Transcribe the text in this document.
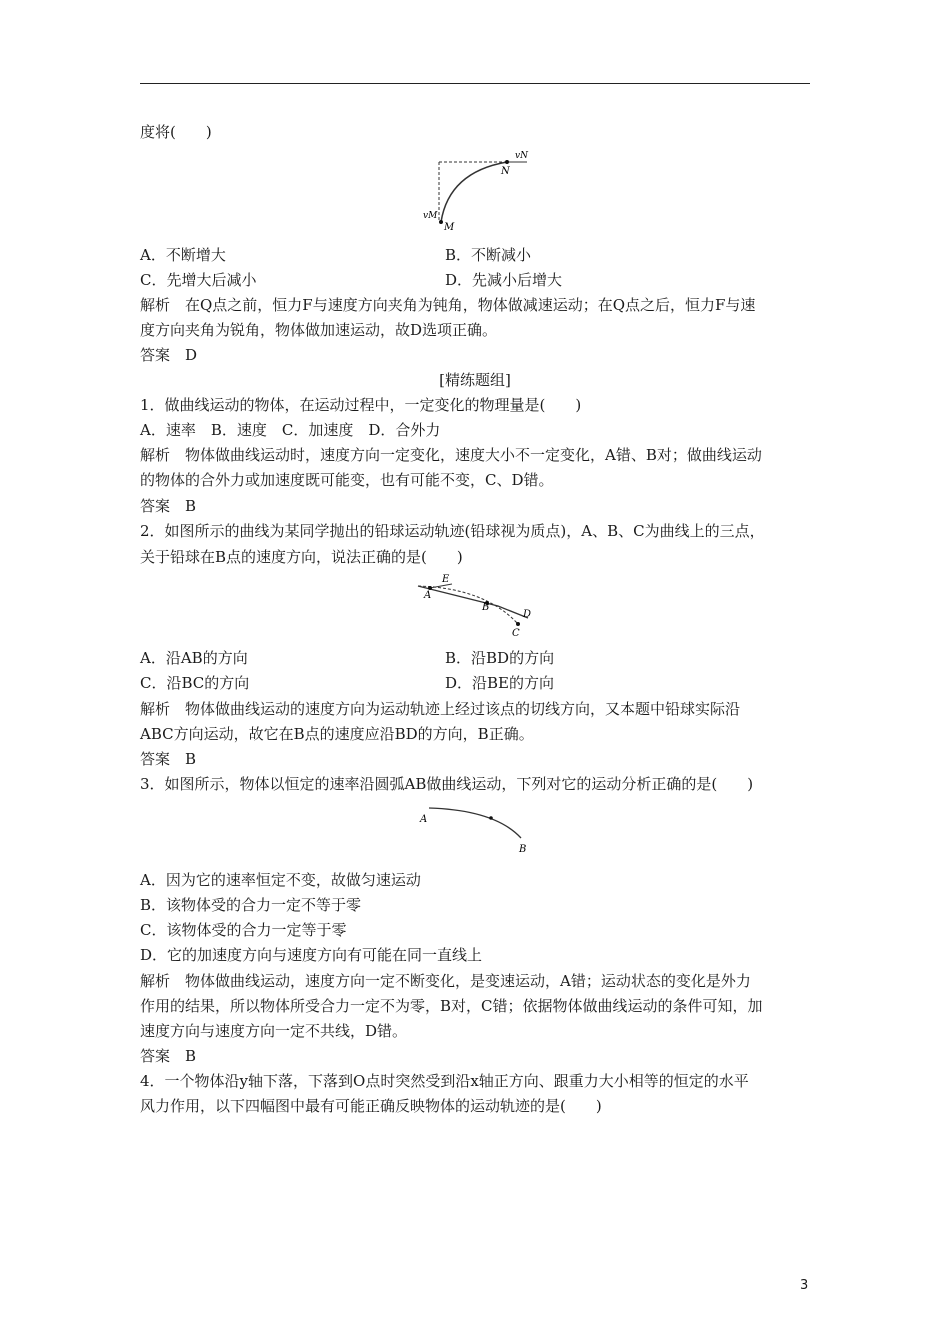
度将(　　)
vN
N
vM
M
A．不断增大	B．不断减小
C．先增大后减小	D．先减小后增大
解析　在Q点之前，恒力F与速度方向夹角为钝角，物体做减速运动；在Q点之后，恒力F与速
度方向夹角为锐角，物体做加速运动，故D选项正确。
答案　D
[精练题组]
1．做曲线运动的物体，在运动过程中，一定变化的物理量是(　　)
A．速率　B．速度　C．加速度　D．合外力
解析　物体做曲线运动时，速度方向一定变化，速度大小不一定变化，A错、B对；做曲线运动
的物体的合外力或加速度既可能变，也有可能不变，C、D错。
答案　B
2．如图所示的曲线为某同学抛出的铅球运动轨迹(铅球视为质点)，A、B、C为曲线上的三点，
关于铅球在B点的速度方向，说法正确的是(　　)
A
E
B
D
C
A．沿AB的方向	B．沿BD的方向
C．沿BC的方向	D．沿BE的方向
解析　物体做曲线运动的速度方向为运动轨迹上经过该点的切线方向，又本题中铅球实际沿
ABC方向运动，故它在B点的速度应沿BD的方向，B正确。
答案　B
3．如图所示，物体以恒定的速率沿圆弧AB做曲线运动，下列对它的运动分析正确的是(　　)
A
B
A．因为它的速率恒定不变，故做匀速运动
B．该物体受的合力一定不等于零
C．该物体受的合力一定等于零
D．它的加速度方向与速度方向有可能在同一直线上
解析　物体做曲线运动，速度方向一定不断变化，是变速运动，A错；运动状态的变化是外力
作用的结果，所以物体所受合力一定不为零，B对，C错；依据物体做曲线运动的条件可知，加
速度方向与速度方向一定不共线，D错。
答案　B
4．一个物体沿y轴下落，下落到O点时突然受到沿x轴正方向、跟重力大小相等的恒定的水平
风力作用，以下四幅图中最有可能正确反映物体的运动轨迹的是(　　)
3
